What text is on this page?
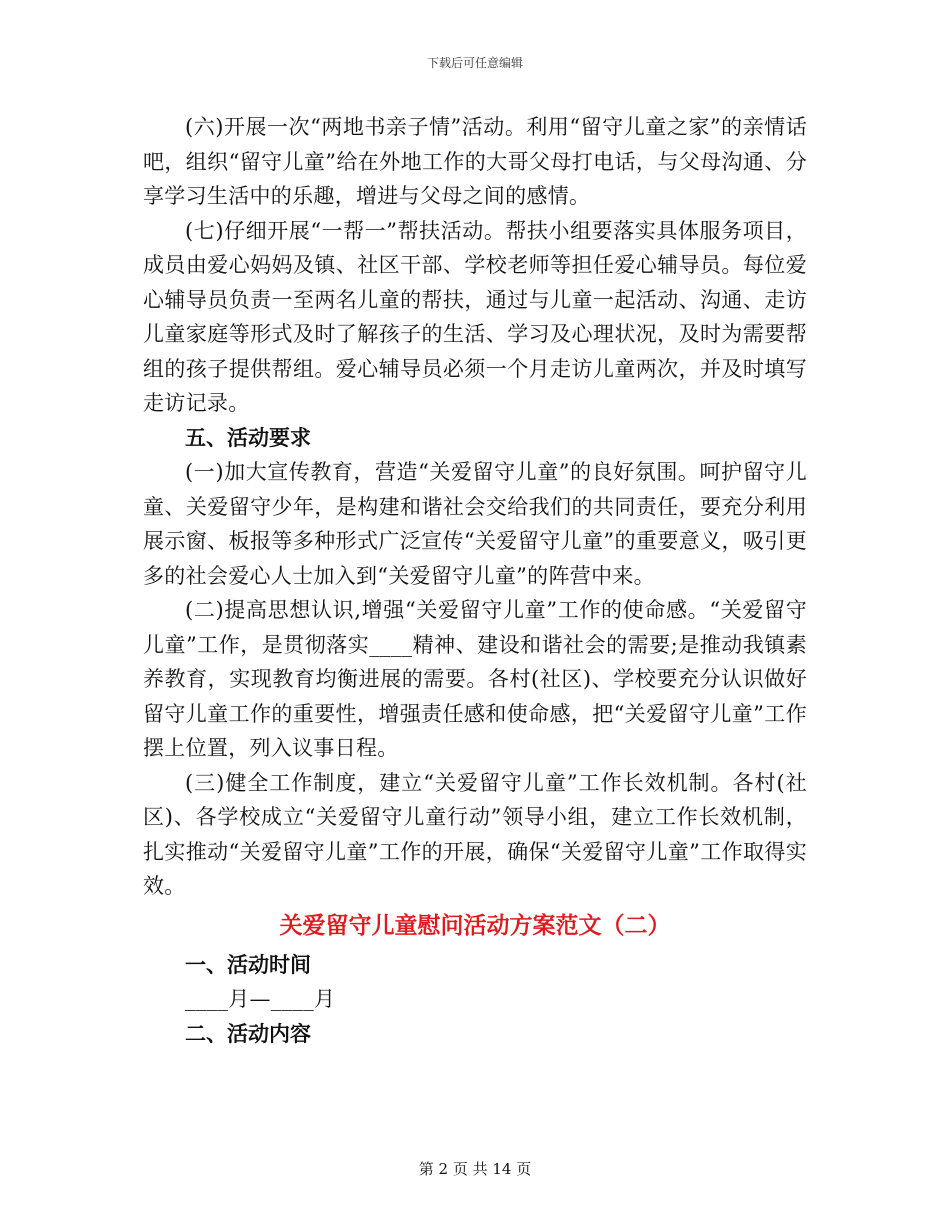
下载后可任意编辑

(六)开展一次“两地书亲子情”活动。利用“留守儿童之家”的亲情话吧，组织“留守儿童”给在外地工作的大哥父母打电话，与父母沟通、分享学习生活中的乐趣，增进与父母之间的感情。

(七)仔细开展“一帮一”帮扶活动。帮扶小组要落实具体服务项目，成员由爱心妈妈及镇、社区干部、学校老师等担任爱心辅导员。每位爱心辅导员负责一至两名儿童的帮扶，通过与儿童一起活动、沟通、走访儿童家庭等形式及时了解孩子的生活、学习及心理状况，及时为需要帮组的孩子提供帮组。爱心辅导员必须一个月走访儿童两次，并及时填写走访记录。

五、活动要求

(一)加大宣传教育，营造“关爱留守儿童”的良好氛围。呵护留守儿童、关爱留守少年，是构建和谐社会交给我们的共同责任，要充分利用展示窗、板报等多种形式广泛宣传“关爱留守儿童”的重要意义，吸引更多的社会爱心人士加入到“关爱留守儿童”的阵营中来。

(二)提高思想认识,增强“关爱留守儿童”工作的使命感。“关爱留守儿童”工作，是贯彻落实____精神、建设和谐社会的需要;是推动我镇素养教育，实现教育均衡进展的需要。各村(社区)、学校要充分认识做好留守儿童工作的重要性，增强责任感和使命感，把“关爱留守儿童”工作摆上位置，列入议事日程。

(三)健全工作制度，建立“关爱留守儿童”工作长效机制。各村(社区)、各学校成立“关爱留守儿童行动”领导小组，建立工作长效机制，扎实推动“关爱留守儿童”工作的开展，确保“关爱留守儿童”工作取得实效。

关爱留守儿童慰问活动方案范文（二）

一、活动时间

____月—____月

二、活动内容

第 2 页 共 14 页
